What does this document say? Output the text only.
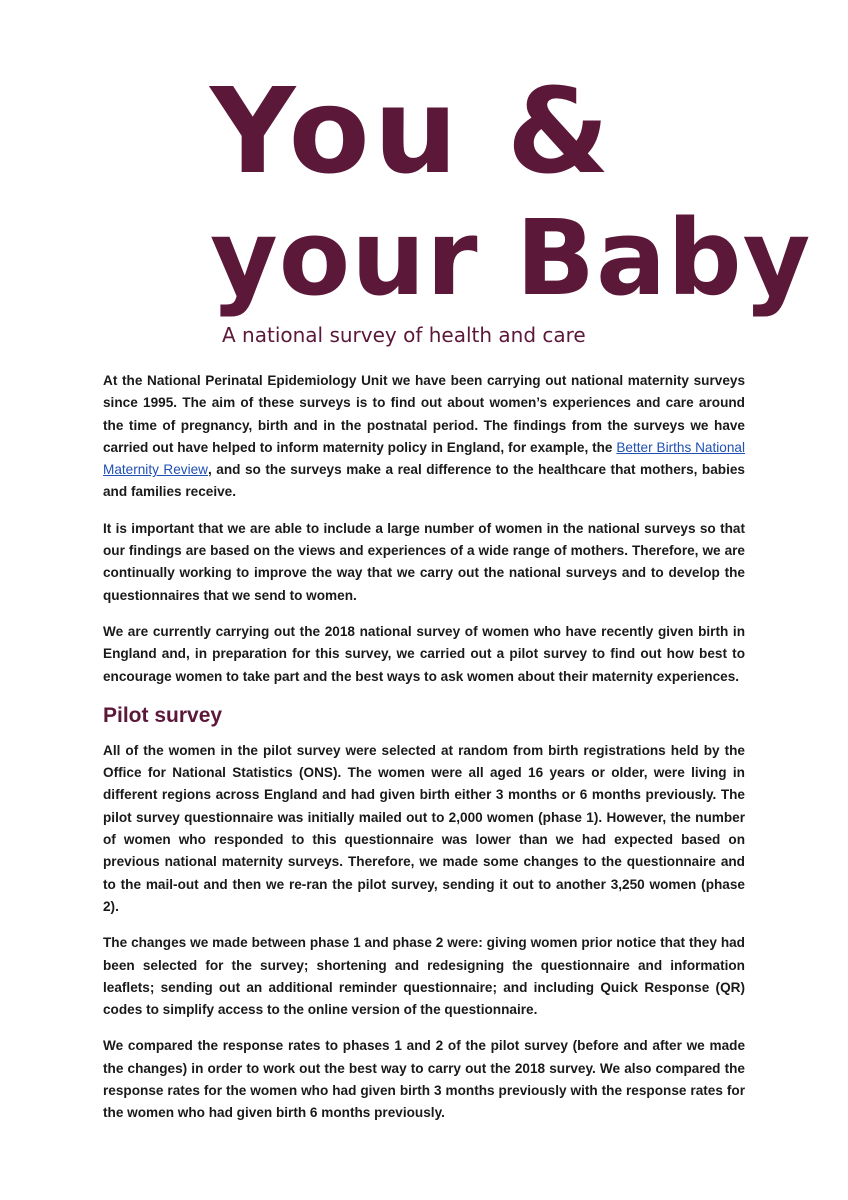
You &
your Baby
A national survey of health and care

At the National Perinatal Epidemiology Unit we have been carrying out national maternity surveys since 1995. The aim of these surveys is to find out about women’s experiences and care around the time of pregnancy, birth and in the postnatal period. The findings from the surveys we have carried out have helped to inform maternity policy in England, for example, the Better Births National Maternity Review, and so the surveys make a real difference to the healthcare that mothers, babies and families receive.

It is important that we are able to include a large number of women in the national surveys so that our findings are based on the views and experiences of a wide range of mothers. Therefore, we are continually working to improve the way that we carry out the national surveys and to develop the questionnaires that we send to women.

We are currently carrying out the 2018 national survey of women who have recently given birth in England and, in preparation for this survey, we carried out a pilot survey to find out how best to encourage women to take part and the best ways to ask women about their maternity experiences.

Pilot survey

All of the women in the pilot survey were selected at random from birth registrations held by the Office for National Statistics (ONS). The women were all aged 16 years or older, were living in different regions across England and had given birth either 3 months or 6 months previously. The pilot survey questionnaire was initially mailed out to 2,000 women (phase 1). However, the number of women who responded to this questionnaire was lower than we had expected based on previous national maternity surveys. Therefore, we made some changes to the questionnaire and to the mail-out and then we re-ran the pilot survey, sending it out to another 3,250 women (phase 2).

The changes we made between phase 1 and phase 2 were: giving women prior notice that they had been selected for the survey; shortening and redesigning the questionnaire and information leaflets; sending out an additional reminder questionnaire; and including Quick Response (QR) codes to simplify access to the online version of the questionnaire.

We compared the response rates to phases 1 and 2 of the pilot survey (before and after we made the changes) in order to work out the best way to carry out the 2018 survey. We also compared the response rates for the women who had given birth 3 months previously with the response rates for the women who had given birth 6 months previously.
